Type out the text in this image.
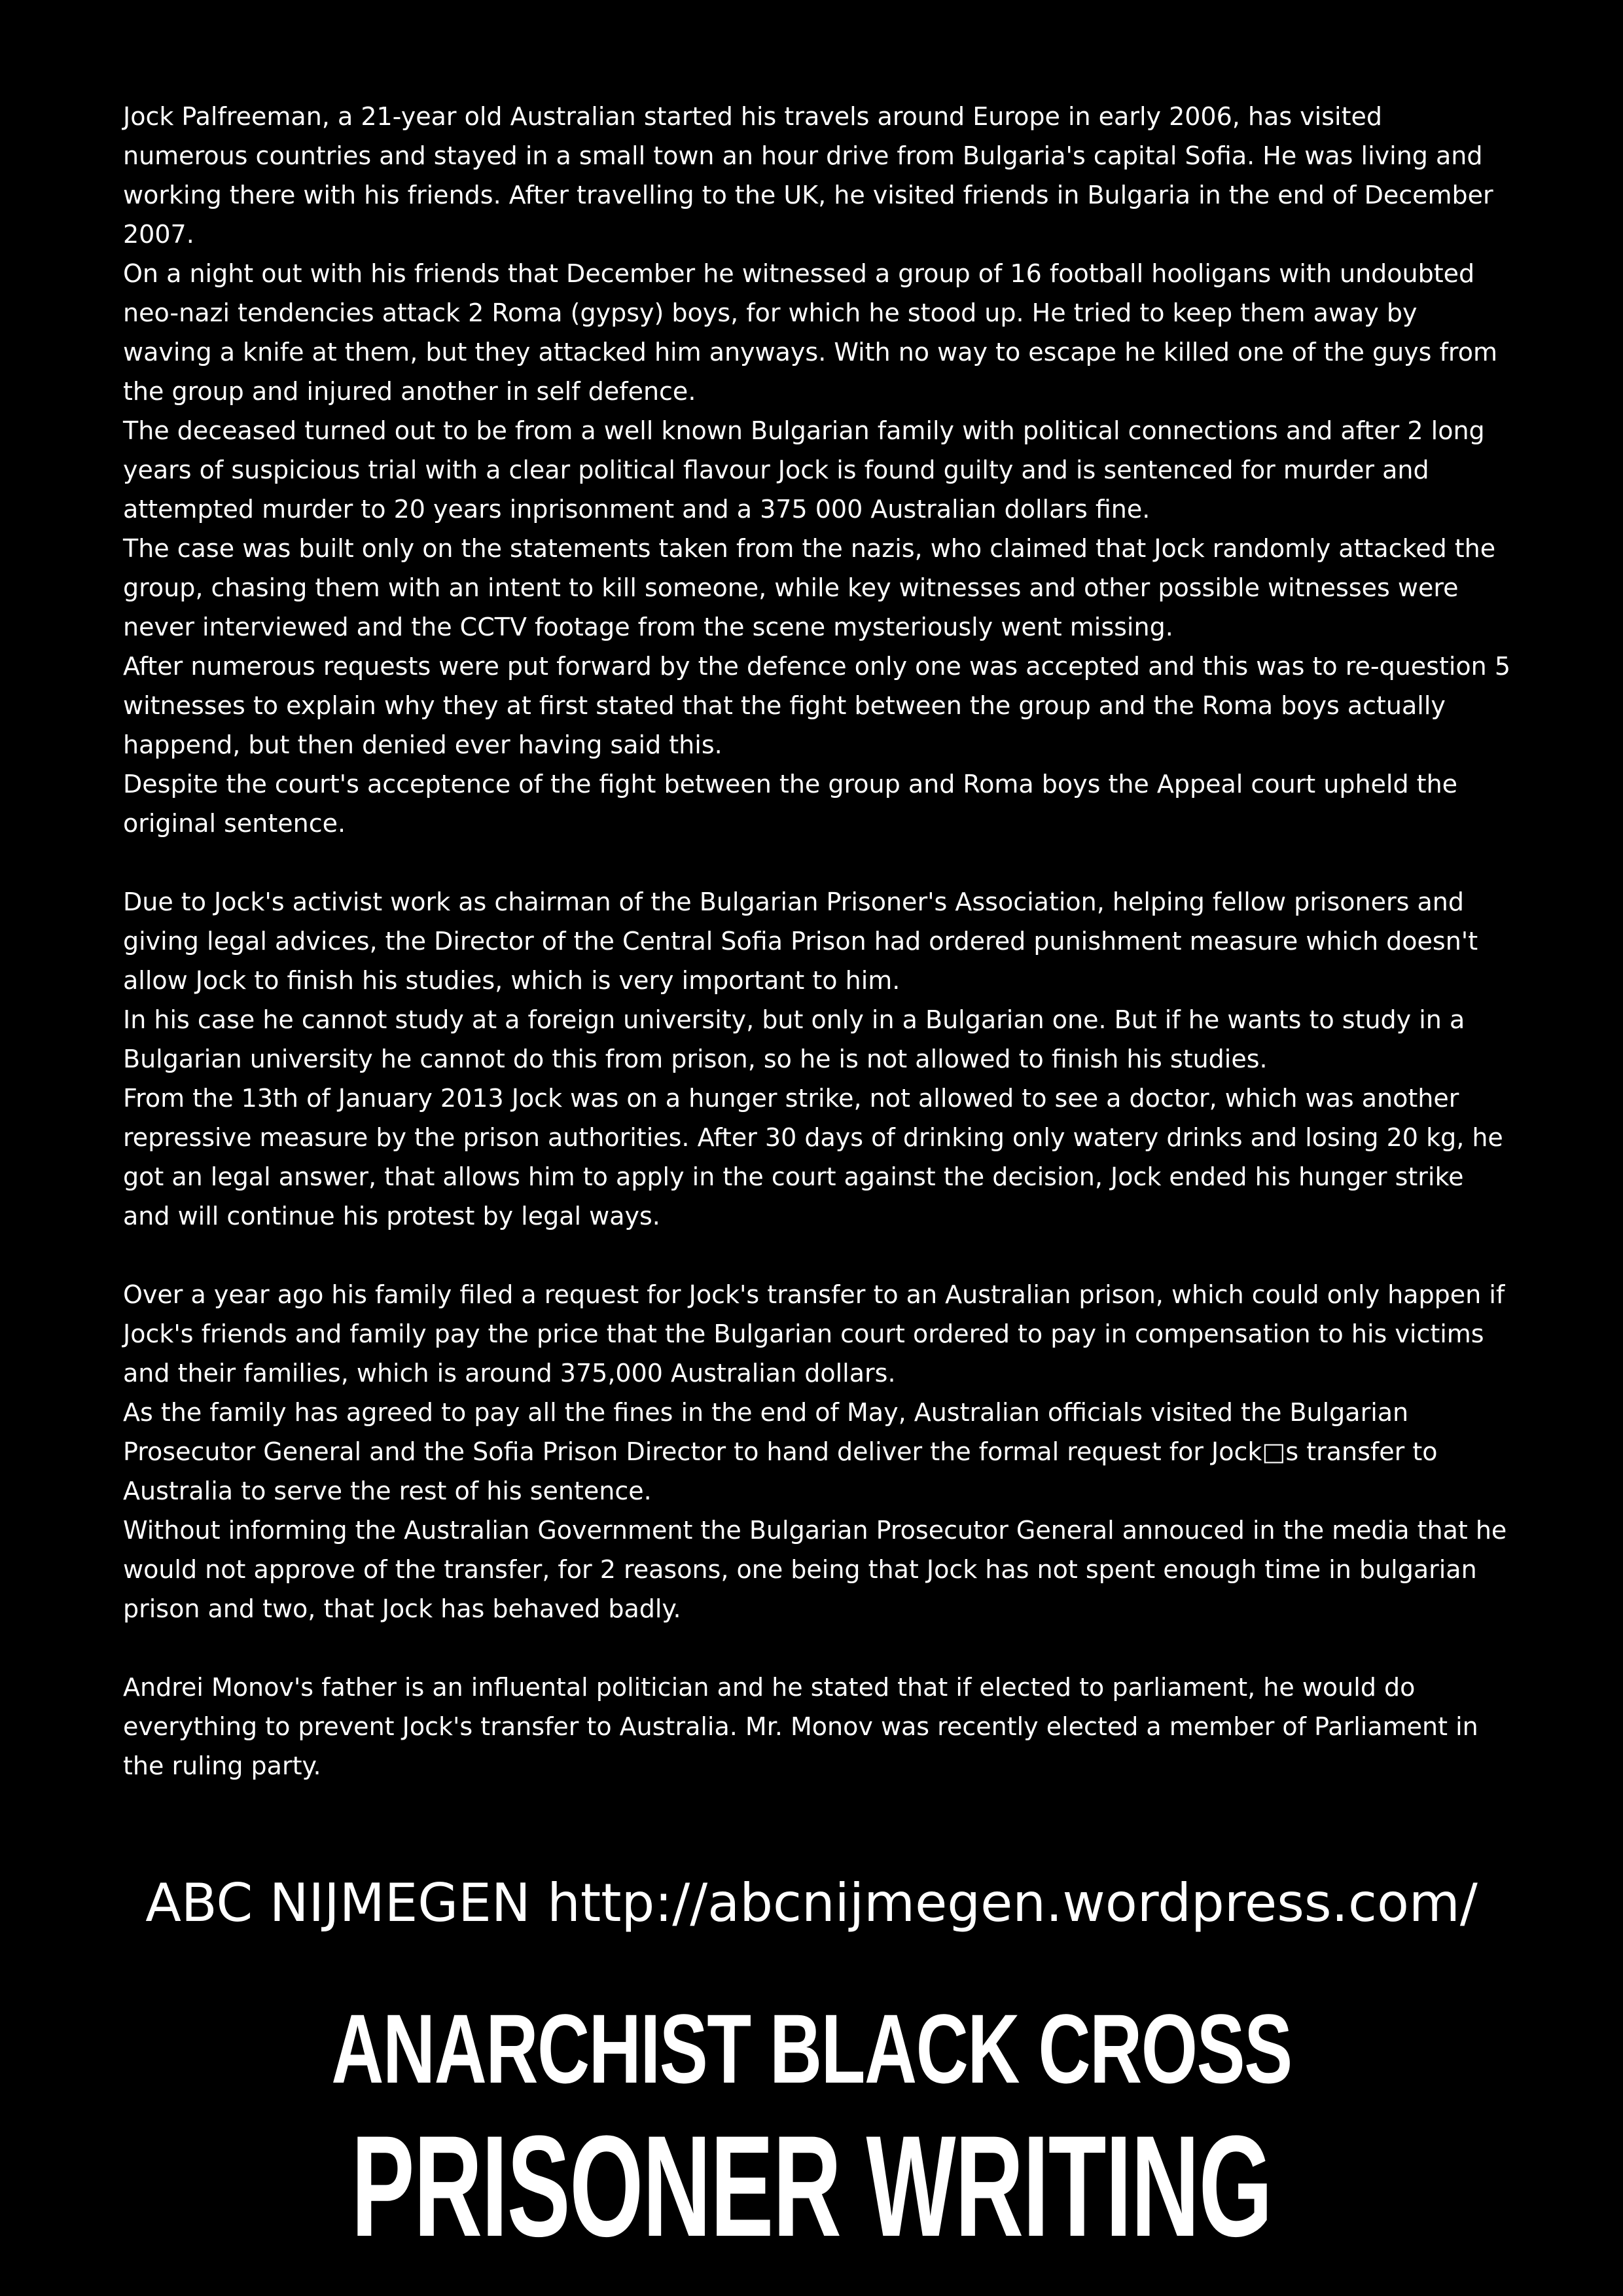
Jock Palfreeman, a 21-year old Australian started his travels around Europe in early 2006, has visited numerous countries and stayed in a small town an hour drive from Bulgaria's capital Sofia. He was living and working there with his friends. After travelling to the UK, he visited friends in Bulgaria in the end of December 2007.

On a night out with his friends that December he witnessed a group of 16 football hooligans with undoubted neo-nazi tendencies attack 2 Roma (gypsy) boys, for which he stood up. He tried to keep them away by waving a knife at them, but they attacked him anyways. With no way to escape he killed one of the guys from the group and injured another in self defence.

The deceased turned out to be from a well known Bulgarian family with political connections and after 2 long years of suspicious trial with a clear political flavour Jock is found guilty and is sentenced for murder and attempted murder to 20 years inprisonment and a 375 000 Australian dollars fine.

The case was built only on the statements taken from the nazis, who claimed that Jock randomly attacked the group, chasing them with an intent to kill someone, while key witnesses and other possible witnesses were never interviewed and the CCTV footage from the scene mysteriously went missing.

After numerous requests were put forward by the defence only one was accepted and this was to re-question 5 witnesses to explain why they at first stated that the fight between the group and the Roma boys actually happend, but then denied ever having said this.

Despite the court's acceptence of the fight between the group and Roma boys the Appeal court upheld the original sentence.

Due to Jock's activist work as chairman of the Bulgarian Prisoner's Association, helping fellow prisoners and giving legal advices, the Director of the Central Sofia Prison had ordered punishment measure which doesn't allow Jock to finish his studies, which is very important to him.

In his case he cannot study at a foreign university, but only in a Bulgarian one. But if he wants to study in a Bulgarian university he cannot do this from prison, so he is not allowed to finish his studies.

From the 13th of January 2013 Jock was on a hunger strike, not allowed to see a doctor, which was another repressive measure by the prison authorities. After 30 days of drinking only watery drinks and losing 20 kg, he got an legal answer, that allows him to apply in the court against the decision, Jock ended his hunger strike and will continue his protest by legal ways.

Over a year ago his family filed a request for Jock's transfer to an Australian prison, which could only happen if Jock's friends and family pay the price that the Bulgarian court ordered to pay in compensation to his victims and their families, which is around 375,000 Australian dollars.

As the family has agreed to pay all the fines in the end of May, Australian officials visited the Bulgarian Prosecutor General and the Sofia Prison Director to hand deliver the formal request for Jock□s transfer to Australia to serve the rest of his sentence.

Without informing the Australian Government the Bulgarian Prosecutor General annouced in the media that he would not approve of the transfer, for 2 reasons, one being that Jock has not spent enough time in bulgarian prison and two, that Jock has behaved badly.

Andrei Monov's father is an influental politician and he stated that if elected to parliament, he would do everything to prevent Jock's transfer to Australia. Mr. Monov was recently elected a member of Parliament in the ruling party.

ABC NIJMEGEN http://abcnijmegen.wordpress.com/
ANARCHIST BLACK CROSS
PRISONER WRITING
